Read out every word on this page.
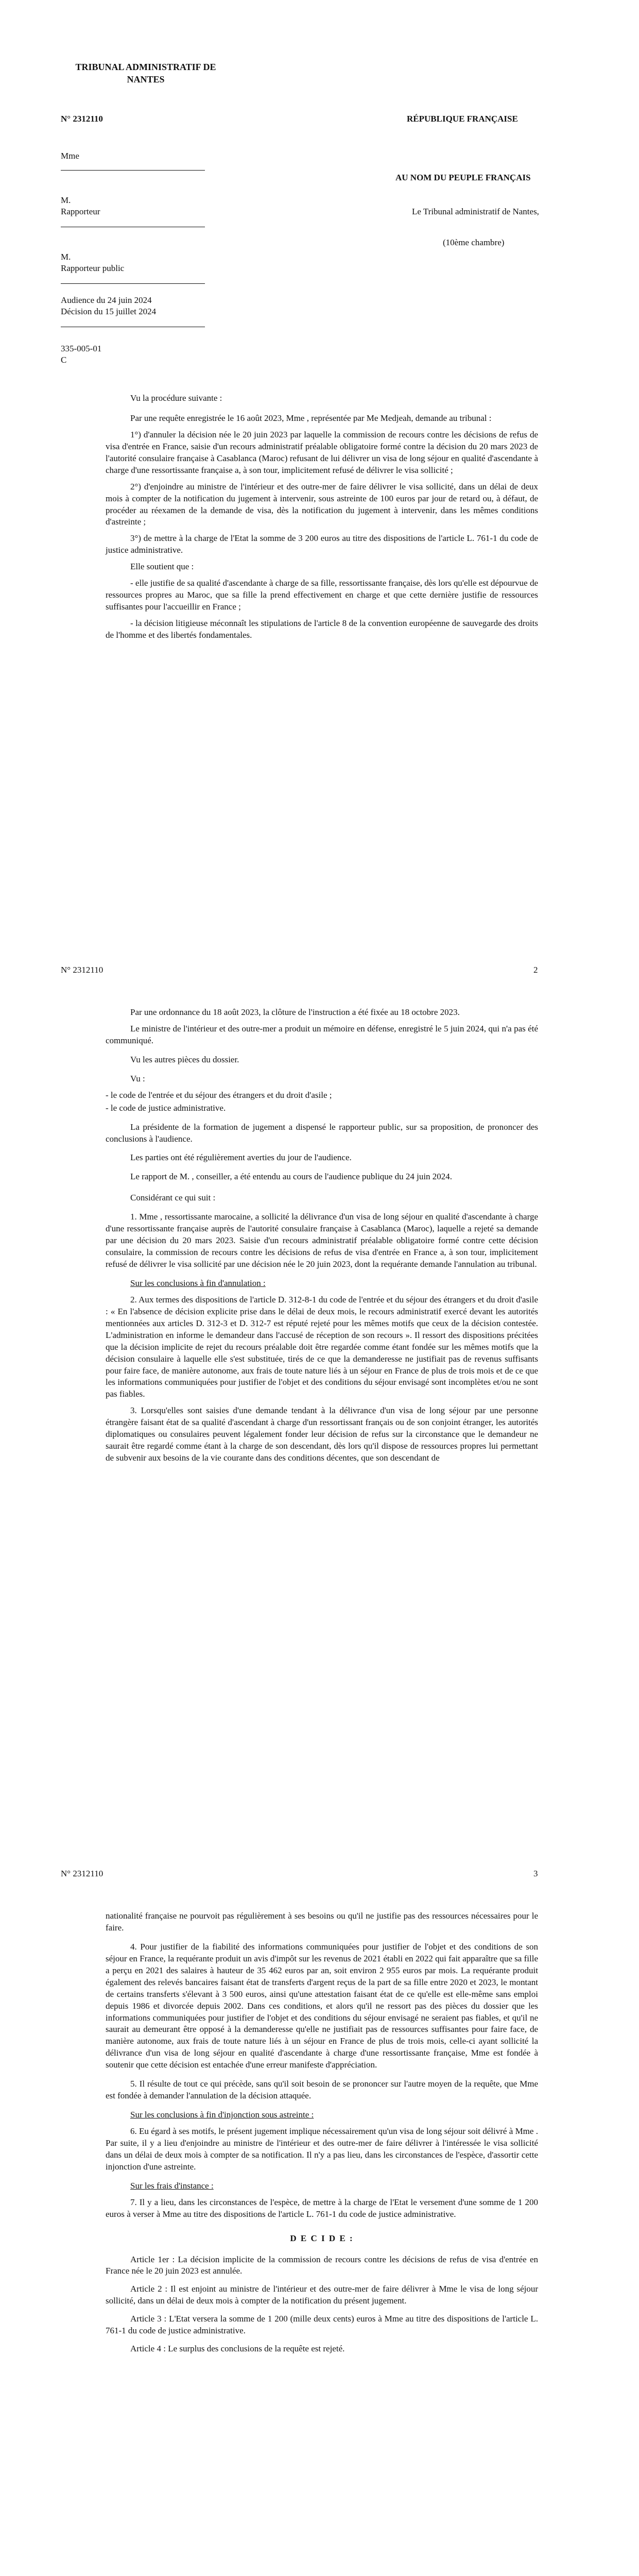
TRIBUNAL ADMINISTRATIF DE NANTES
N° 2312110	RÉPUBLIQUE FRANÇAISE
Mme
AU NOM DU PEUPLE FRANÇAIS
M.
Rapporteur	Le Tribunal administratif de Nantes,
(10ème chambre)
M.
Rapporteur public
Audience du 24 juin 2024
Décision du 15 juillet 2024
335-005-01
C

Vu la procédure suivante :

Par une requête enregistrée le 16 août 2023, Mme , représentée par Me Medjeah, demande au tribunal :

1°) d'annuler la décision née le 20 juin 2023 par laquelle la commission de recours contre les décisions de refus de visa d'entrée en France, saisie d'un recours administratif préalable obligatoire formé contre la décision du 20 mars 2023 de l'autorité consulaire française à Casablanca (Maroc) refusant de lui délivrer un visa de long séjour en qualité d'ascendante à charge d'une ressortissante française a, à son tour, implicitement refusé de délivrer le visa sollicité ;

2°) d'enjoindre au ministre de l'intérieur et des outre-mer de faire délivrer le visa sollicité, dans un délai de deux mois à compter de la notification du jugement à intervenir, sous astreinte de 100 euros par jour de retard ou, à défaut, de procéder au réexamen de la demande de visa, dès la notification du jugement à intervenir, dans les mêmes conditions d'astreinte ;

3°) de mettre à la charge de l'Etat la somme de 3 200 euros au titre des dispositions de l'article L. 761-1 du code de justice administrative.

Elle soutient que :

- elle justifie de sa qualité d'ascendante à charge de sa fille, ressortissante française, dès lors qu'elle est dépourvue de ressources propres au Maroc, que sa fille la prend effectivement en charge et que cette dernière justifie de ressources suffisantes pour l'accueillir en France ;

- la décision litigieuse méconnaît les stipulations de l'article 8 de la convention européenne de sauvegarde des droits de l'homme et des libertés fondamentales.

N° 2312110	2

Par une ordonnance du 18 août 2023, la clôture de l'instruction a été fixée au 18 octobre 2023.

Le ministre de l'intérieur et des outre-mer a produit un mémoire en défense, enregistré le 5 juin 2024, qui n'a pas été communiqué.

Vu les autres pièces du dossier.

Vu :

- le code de l'entrée et du séjour des étrangers et du droit d'asile ;

- le code de justice administrative.

La présidente de la formation de jugement a dispensé le rapporteur public, sur sa proposition, de prononcer des conclusions à l'audience.

Les parties ont été régulièrement averties du jour de l'audience.

Le rapport de M. , conseiller, a été entendu au cours de l'audience publique du 24 juin 2024.

Considérant ce qui suit :

1. Mme , ressortissante marocaine, a sollicité la délivrance d'un visa de long séjour en qualité d'ascendante à charge d'une ressortissante française auprès de l'autorité consulaire française à Casablanca (Maroc), laquelle a rejeté sa demande par une décision du 20 mars 2023. Saisie d'un recours administratif préalable obligatoire formé contre cette décision consulaire, la commission de recours contre les décisions de refus de visa d'entrée en France a, à son tour, implicitement refusé de délivrer le visa sollicité par une décision née le 20 juin 2023, dont la requérante demande l'annulation au tribunal.

Sur les conclusions à fin d'annulation :

2. Aux termes des dispositions de l'article D. 312-8-1 du code de l'entrée et du séjour des étrangers et du droit d'asile : « En l'absence de décision explicite prise dans le délai de deux mois, le recours administratif exercé devant les autorités mentionnées aux articles D. 312-3 et D. 312-7 est réputé rejeté pour les mêmes motifs que ceux de la décision contestée. L'administration en informe le demandeur dans l'accusé de réception de son recours ». Il ressort des dispositions précitées que la décision implicite de rejet du recours préalable doit être regardée comme étant fondée sur les mêmes motifs que la décision consulaire à laquelle elle s'est substituée, tirés de ce que la demanderesse ne justifiait pas de revenus suffisants pour faire face, de manière autonome, aux frais de toute nature liés à un séjour en France de plus de trois mois et de ce que les informations communiquées pour justifier de l'objet et des conditions du séjour envisagé sont incomplètes et/ou ne sont pas fiables.

3. Lorsqu'elles sont saisies d'une demande tendant à la délivrance d'un visa de long séjour par une personne étrangère faisant état de sa qualité d'ascendant à charge d'un ressortissant français ou de son conjoint étranger, les autorités diplomatiques ou consulaires peuvent légalement fonder leur décision de refus sur la circonstance que le demandeur ne saurait être regardé comme étant à la charge de son descendant, dès lors qu'il dispose de ressources propres lui permettant de subvenir aux besoins de la vie courante dans des conditions décentes, que son descendant de

N° 2312110	3

nationalité française ne pourvoit pas régulièrement à ses besoins ou qu'il ne justifie pas des ressources nécessaires pour le faire.

4. Pour justifier de la fiabilité des informations communiquées pour justifier de l'objet et des conditions de son séjour en France, la requérante produit un avis d'impôt sur les revenus de 2021 établi en 2022 qui fait apparaître que sa fille a perçu en 2021 des salaires à hauteur de 35 462 euros par an, soit environ 2 955 euros par mois. La requérante produit également des relevés bancaires faisant état de transferts d'argent reçus de la part de sa fille entre 2020 et 2023, le montant de certains transferts s'élevant à 3 500 euros, ainsi qu'une attestation faisant état de ce qu'elle est elle-même sans emploi depuis 1986 et divorcée depuis 2002. Dans ces conditions, et alors qu'il ne ressort pas des pièces du dossier que les informations communiquées pour justifier de l'objet et des conditions du séjour envisagé ne seraient pas fiables, et qu'il ne saurait au demeurant être opposé à la demanderesse qu'elle ne justifiait pas de ressources suffisantes pour faire face, de manière autonome, aux frais de toute nature liés à un séjour en France de plus de trois mois, celle-ci ayant sollicité la délivrance d'un visa de long séjour en qualité d'ascendante à charge d'une ressortissante française, Mme est fondée à soutenir que cette décision est entachée d'une erreur manifeste d'appréciation.

5. Il résulte de tout ce qui précède, sans qu'il soit besoin de se prononcer sur l'autre moyen de la requête, que Mme est fondée à demander l'annulation de la décision attaquée.

Sur les conclusions à fin d'injonction sous astreinte :

6. Eu égard à ses motifs, le présent jugement implique nécessairement qu'un visa de long séjour soit délivré à Mme . Par suite, il y a lieu d'enjoindre au ministre de l'intérieur et des outre-mer de faire délivrer à l'intéressée le visa sollicité dans un délai de deux mois à compter de sa notification. Il n'y a pas lieu, dans les circonstances de l'espèce, d'assortir cette injonction d'une astreinte.

Sur les frais d'instance :

7. Il y a lieu, dans les circonstances de l'espèce, de mettre à la charge de l'Etat le versement d'une somme de 1 200 euros à verser à Mme au titre des dispositions de l'article L. 761-1 du code de justice administrative.

D E C I D E :

Article 1er : La décision implicite de la commission de recours contre les décisions de refus de visa d'entrée en France née le 20 juin 2023 est annulée.

Article 2 : Il est enjoint au ministre de l'intérieur et des outre-mer de faire délivrer à Mme le visa de long séjour sollicité, dans un délai de deux mois à compter de la notification du présent jugement.

Article 3 : L'Etat versera la somme de 1 200 (mille deux cents) euros à Mme au titre des dispositions de l'article L. 761-1 du code de justice administrative.

Article 4 : Le surplus des conclusions de la requête est rejeté.
